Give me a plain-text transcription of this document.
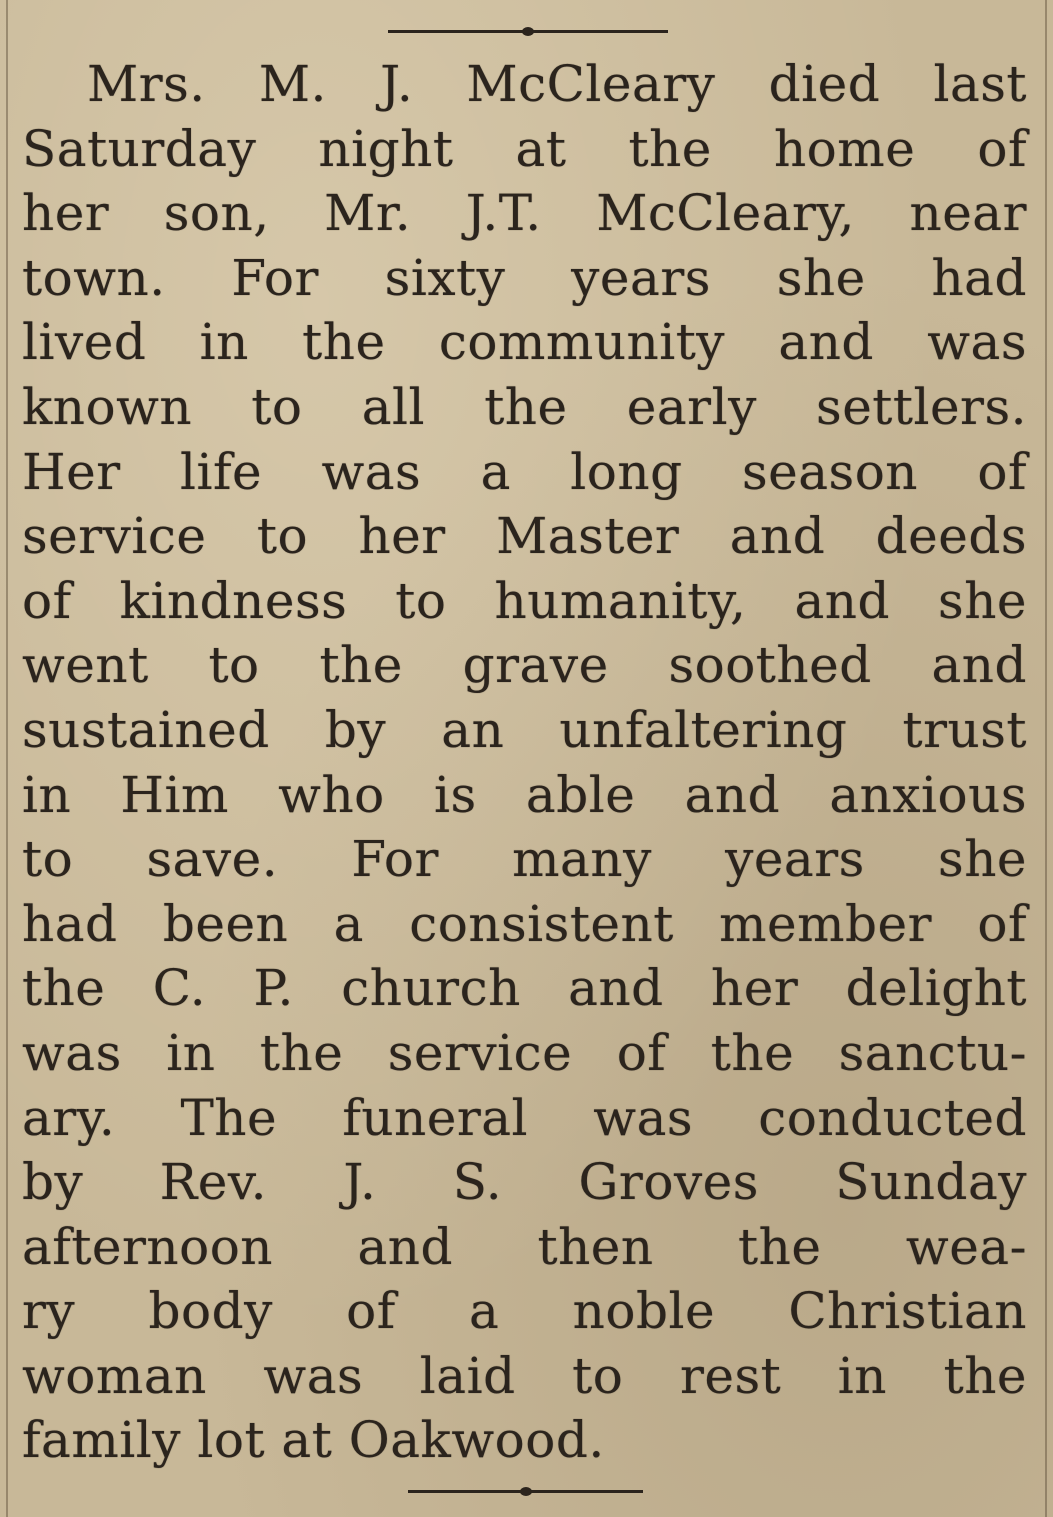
Mrs. M. J. McCleary died last
Saturday night at the home of
her son, Mr. J.T. McCleary, near
town. For sixty years she had
lived in the community and was
known to all the early settlers.
Her life was a long season of
service to her Master and deeds
of kindness to humanity, and she
went to the grave soothed and
sustained by an unfaltering trust
in Him who is able and anxious
to save. For many years she
had been a consistent member of
the C. P. church and her delight
was in the service of the sanctu-
ary. The funeral was conducted
by Rev. J. S. Groves Sunday
afternoon and then the wea-
ry body of a noble Christian
woman was laid to rest in the
family lot at Oakwood.
